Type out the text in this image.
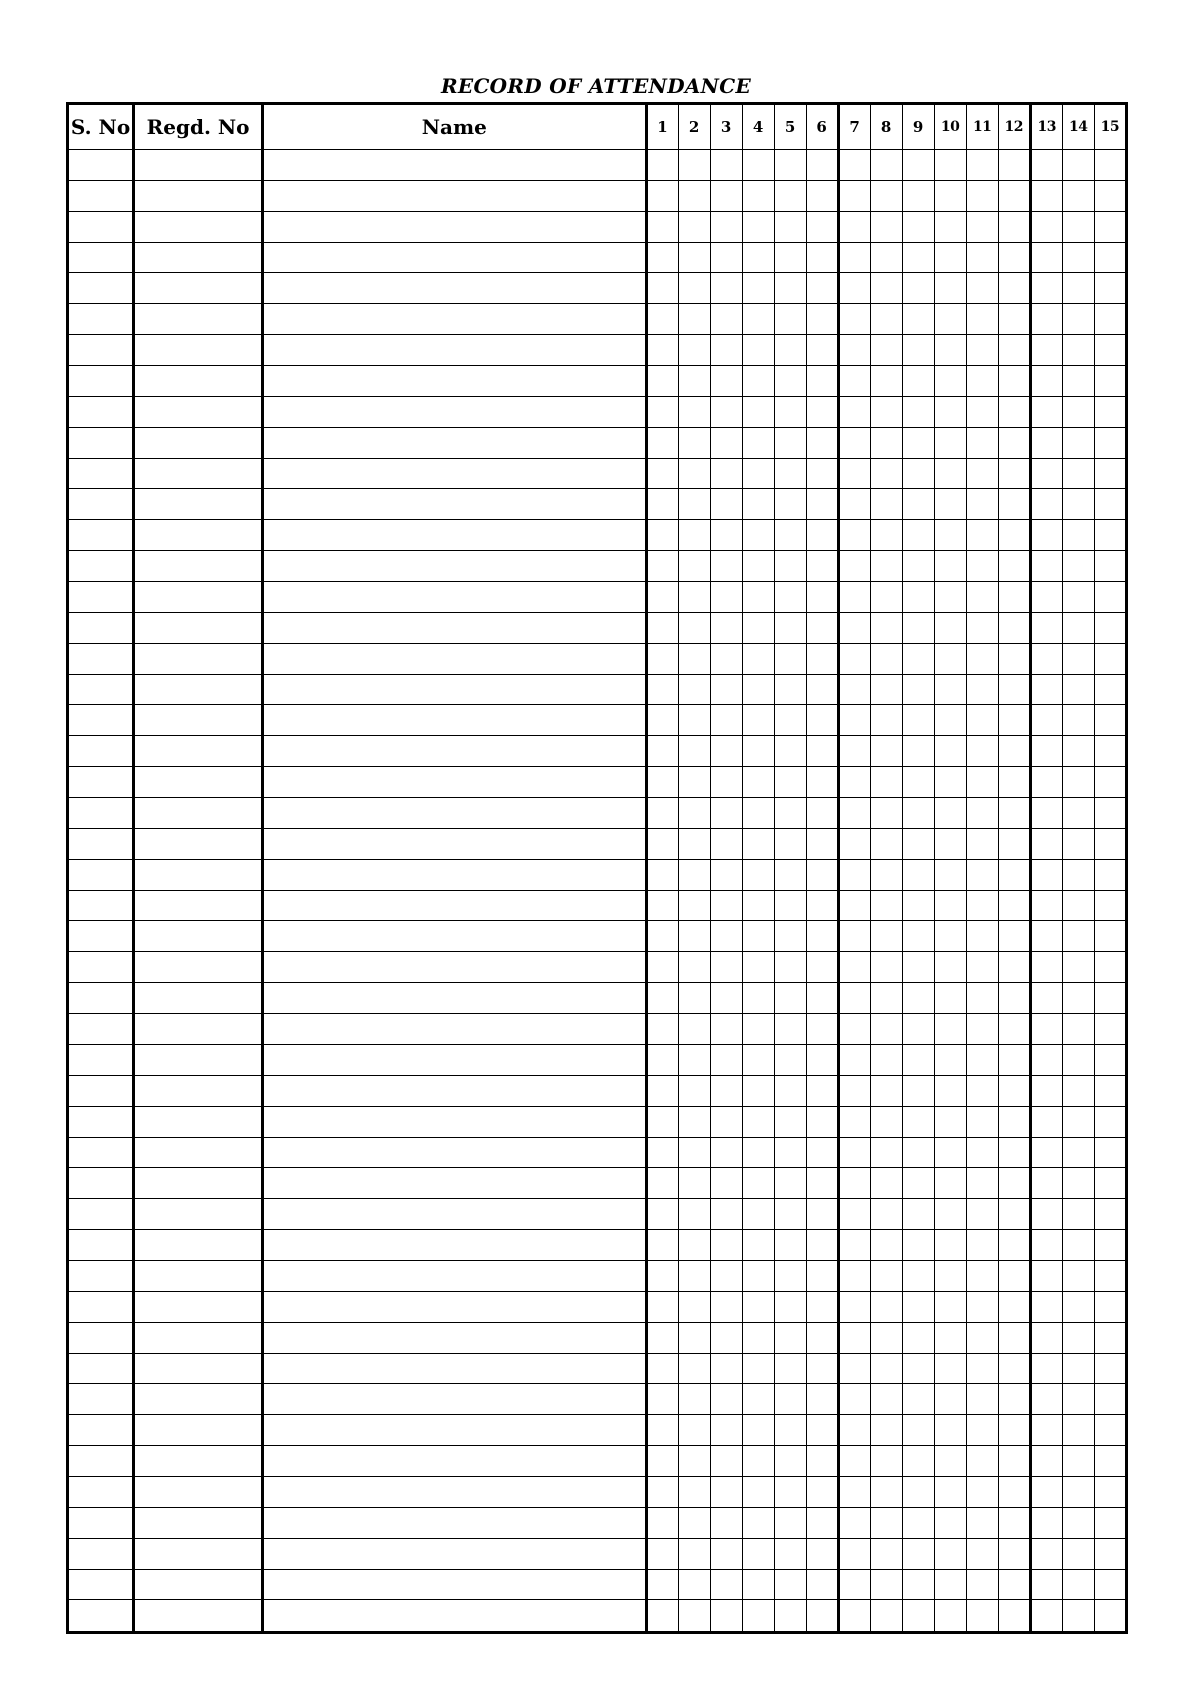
RECORD OF ATTENDANCE
S. No	Regd. No	Name	1	2	3	4	5	6	7	8	9	10	11	12	13	14	15
